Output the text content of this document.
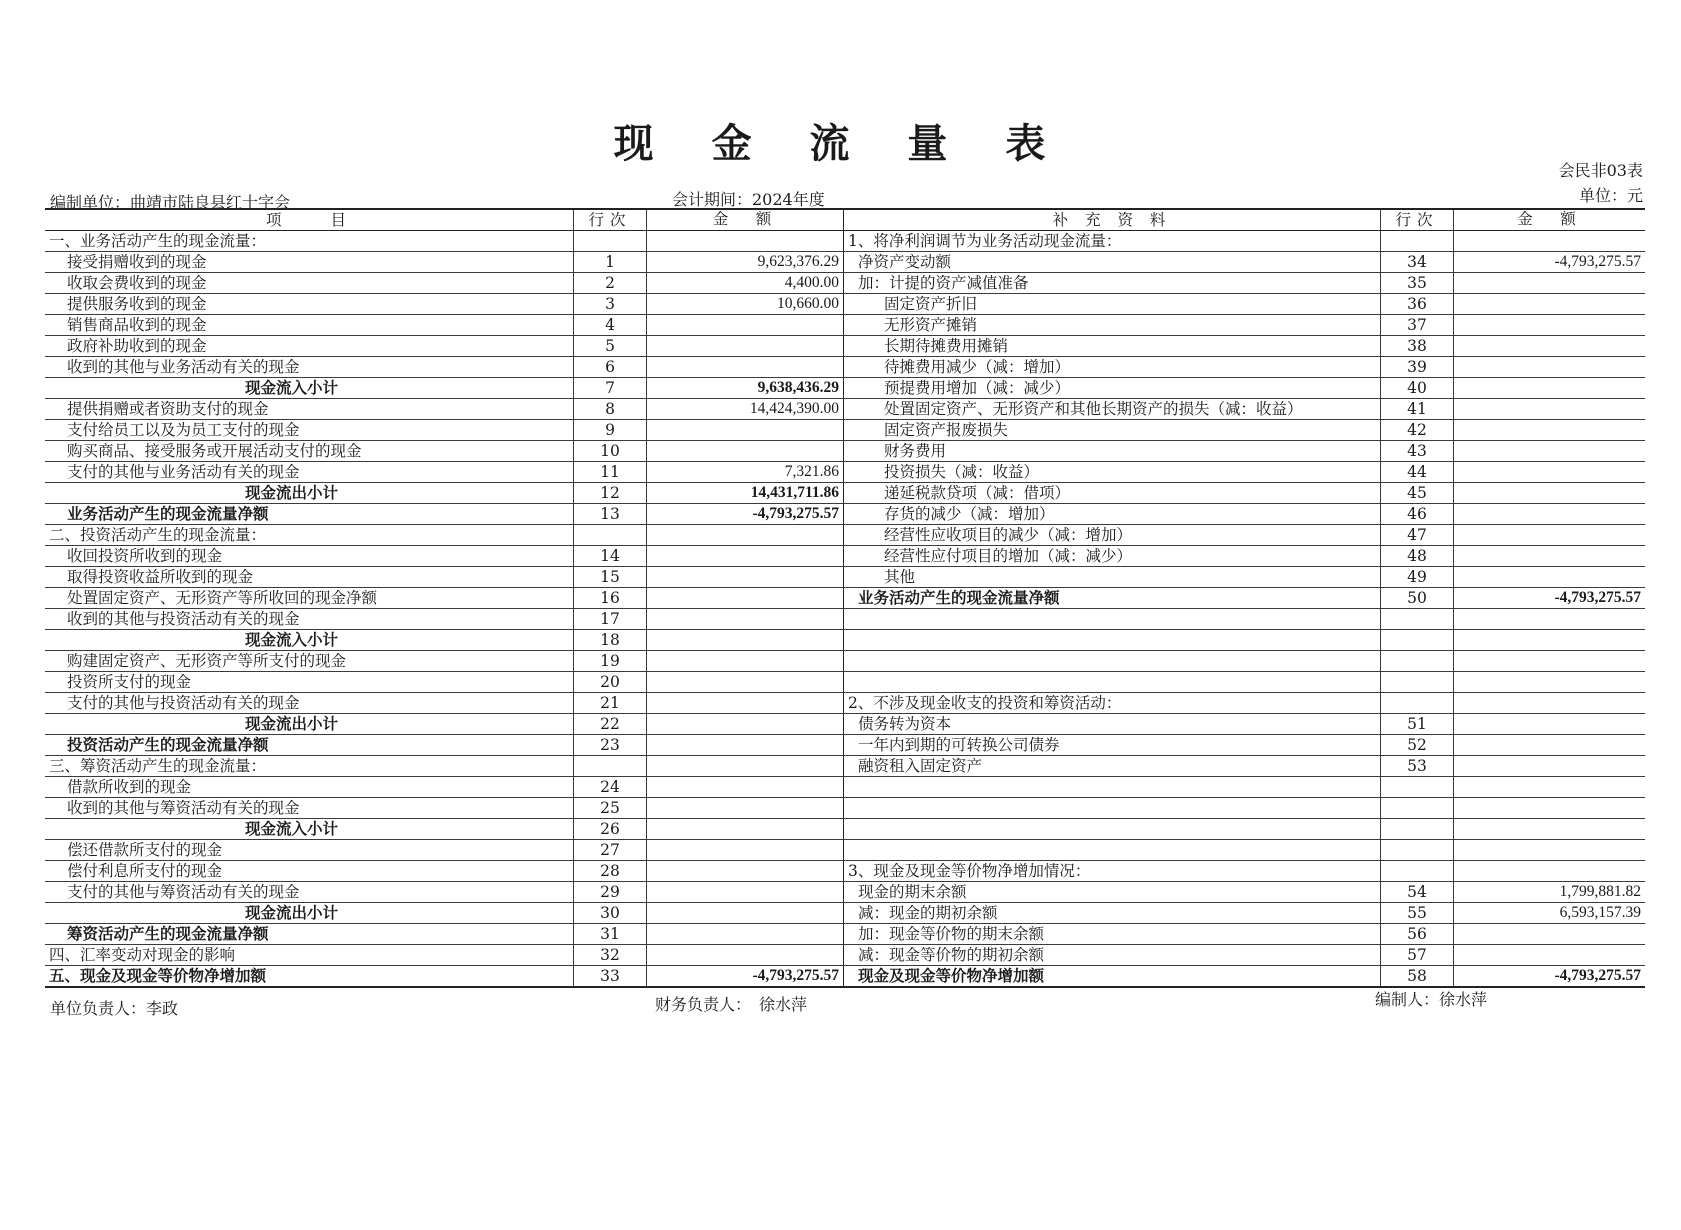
现 金 流 量 表
会民非03表
编制单位：曲靖市陆良县红十字会	会计期间：2024年度	单位：元
项　　目	行次	金　额	补 充 资 料	行次	金　额
一、业务活动产生的现金流量：			1、将净利润调节为业务活动现金流量：		
接受捐赠收到的现金	1	9,623,376.29	净资产变动额	34	-4,793,275.57
收取会费收到的现金	2	4,400.00	加：计提的资产减值准备	35	
提供服务收到的现金	3	10,660.00	固定资产折旧	36	
销售商品收到的现金	4		无形资产摊销	37	
政府补助收到的现金	5		长期待摊费用摊销	38	
收到的其他与业务活动有关的现金	6		待摊费用减少（减：增加）	39	
现金流入小计	7	9,638,436.29	预提费用增加（减：减少）	40	
提供捐赠或者资助支付的现金	8	14,424,390.00	处置固定资产、无形资产和其他长期资产的损失（减：收益）	41	
支付给员工以及为员工支付的现金	9		固定资产报废损失	42	
购买商品、接受服务或开展活动支付的现金	10		财务费用	43	
支付的其他与业务活动有关的现金	11	7,321.86	投资损失（减：收益）	44	
现金流出小计	12	14,431,711.86	递延税款贷项（减：借项）	45	
业务活动产生的现金流量净额	13	-4,793,275.57	存货的减少（减：增加）	46	
二、投资活动产生的现金流量：			经营性应收项目的减少（减：增加）	47	
收回投资所收到的现金	14		经营性应付项目的增加（减：减少）	48	
取得投资收益所收到的现金	15		其他	49	
处置固定资产、无形资产等所收回的现金净额	16		业务活动产生的现金流量净额	50	-4,793,275.57
收到的其他与投资活动有关的现金	17				
现金流入小计	18				
购建固定资产、无形资产等所支付的现金	19				
投资所支付的现金	20				
支付的其他与投资活动有关的现金	21		2、不涉及现金收支的投资和筹资活动：		
现金流出小计	22		债务转为资本	51	
投资活动产生的现金流量净额	23		一年内到期的可转换公司债券	52	
三、筹资活动产生的现金流量：			融资租入固定资产	53	
借款所收到的现金	24				
收到的其他与筹资活动有关的现金	25				
现金流入小计	26				
偿还借款所支付的现金	27				
偿付利息所支付的现金	28		3、现金及现金等价物净增加情况：		
支付的其他与筹资活动有关的现金	29		现金的期末余额	54	1,799,881.82
现金流出小计	30		减：现金的期初余额	55	6,593,157.39
筹资活动产生的现金流量净额	31		加：现金等价物的期末余额	56	
四、汇率变动对现金的影响	32		减：现金等价物的期初余额	57	
五、现金及现金等价物净增加额	33	-4,793,275.57	现金及现金等价物净增加额	58	-4,793,275.57
单位负责人：李政	财务负责人：　徐水萍	编制人：徐水萍
